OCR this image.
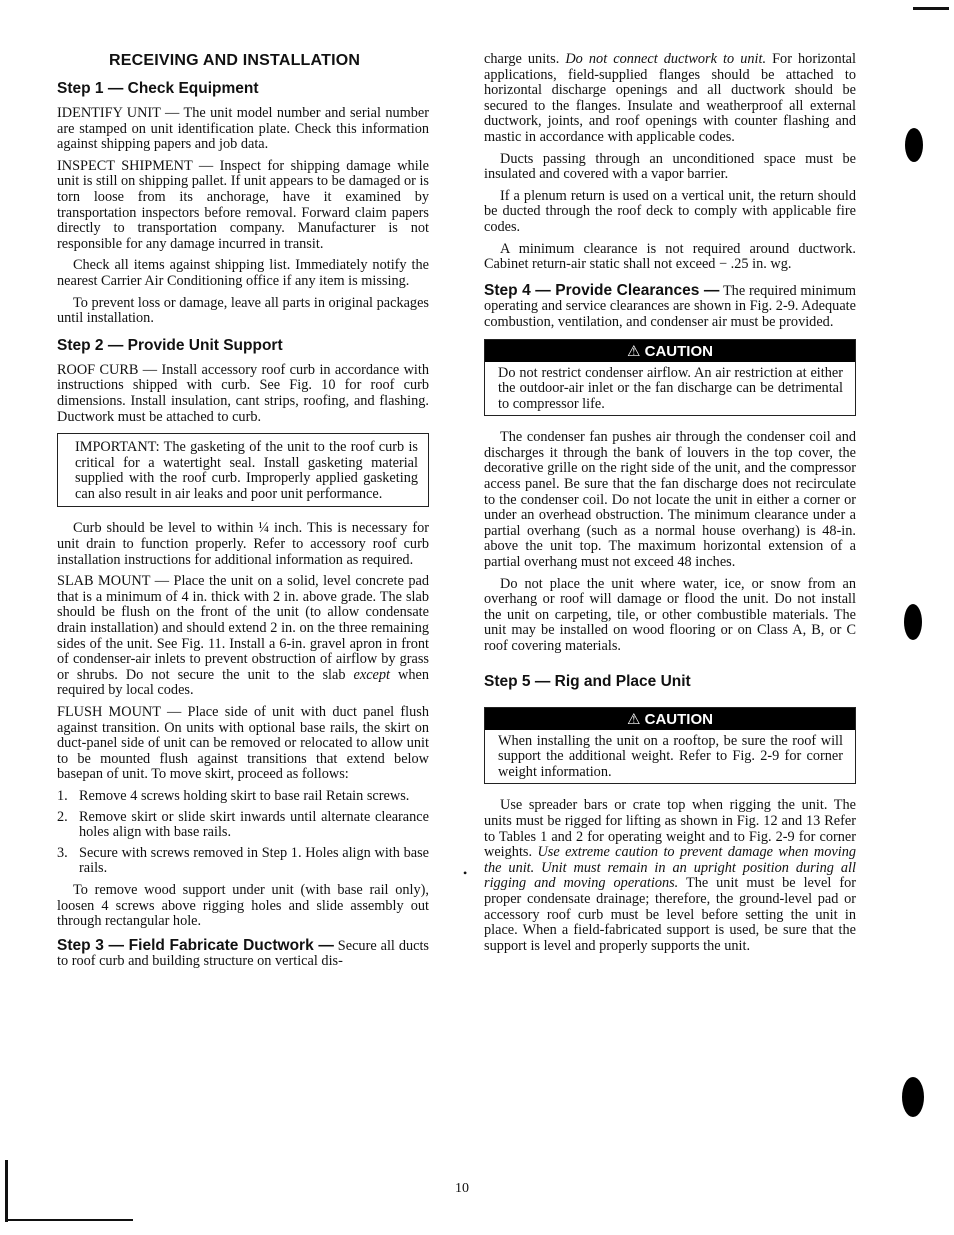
RECEIVING AND INSTALLATION
Step 1 — Check Equipment

IDENTIFY UNIT — The unit model number and serial number are stamped on unit identification plate. Check this information against shipping papers and job data.

INSPECT SHIPMENT — Inspect for shipping damage while unit is still on shipping pallet. If unit appears to be damaged or is torn loose from its anchorage, have it examined by transportation inspectors before removal. Forward claim papers directly to transportation company. Manufacturer is not responsible for any damage incurred in transit.

Check all items against shipping list. Immediately notify the nearest Carrier Air Conditioning office if any item is missing.

To prevent loss or damage, leave all parts in original packages until installation.

Step 2 — Provide Unit Support

ROOF CURB — Install accessory roof curb in accordance with instructions shipped with curb. See Fig. 10 for roof curb dimensions. Install insulation, cant strips, roofing, and flashing. Ductwork must be attached to curb.

IMPORTANT: The gasketing of the unit to the roof curb is critical for a watertight seal. Install gasketing material supplied with the roof curb. Improperly applied gasketing can also result in air leaks and poor unit performance.

Curb should be level to within ¼ inch. This is necessary for unit drain to function properly. Refer to accessory roof curb installation instructions for additional information as required.

SLAB MOUNT — Place the unit on a solid, level concrete pad that is a minimum of 4 in. thick with 2 in. above grade. The slab should be flush on the front of the unit (to allow condensate drain installation) and should extend 2 in. on the three remaining sides of the unit. See Fig. 11. Install a 6-in. gravel apron in front of condenser-air inlets to prevent obstruction of airflow by grass or shrubs. Do not secure the unit to the slab except when required by local codes.

FLUSH MOUNT — Place side of unit with duct panel flush against transition. On units with optional base rails, the skirt on duct-panel side of unit can be removed or relocated to allow unit to be mounted flush against transitions that extend below basepan of unit. To move skirt, proceed as follows:

1. Remove 4 screws holding skirt to base rail Retain screws.
2. Remove skirt or slide skirt inwards until alternate clearance holes align with base rails.
3. Secure with screws removed in Step 1. Holes align with base rails.

To remove wood support under unit (with base rail only), loosen 4 screws above rigging holes and slide assembly out through rectangular hole.

Step 3 — Field Fabricate Ductwork — Secure all ducts to roof curb and building structure on vertical dis-

charge units. Do not connect ductwork to unit. For horizontal applications, field-supplied flanges should be attached to horizontal discharge openings and all ductwork should be secured to the flanges. Insulate and weatherproof all external ductwork, joints, and roof openings with counter flashing and mastic in accordance with applicable codes.

Ducts passing through an unconditioned space must be insulated and covered with a vapor barrier.

If a plenum return is used on a vertical unit, the return should be ducted through the roof deck to comply with applicable fire codes.

A minimum clearance is not required around ductwork. Cabinet return-air static shall not exceed − .25 in. wg.

Step 4 — Provide Clearances — The required minimum operating and service clearances are shown in Fig. 2-9. Adequate combustion, ventilation, and condenser air must be provided.

⚠ CAUTION

Do not restrict condenser airflow. An air restriction at either the outdoor-air inlet or the fan discharge can be detrimental to compressor life.

The condenser fan pushes air through the condenser coil and discharges it through the bank of louvers in the top cover, the decorative grille on the right side of the unit, and the compressor access panel. Be sure that the fan discharge does not recirculate to the condenser coil. Do not locate the unit in either a corner or under an overhead obstruction. The minimum clearance under a partial overhang (such as a normal house overhang) is 48-in. above the unit top. The maximum horizontal extension of a partial overhang must not exceed 48 inches.

Do not place the unit where water, ice, or snow from an overhang or roof will damage or flood the unit. Do not install the unit on carpeting, tile, or other combustible materials. The unit may be installed on wood flooring or on Class A, B, or C roof covering materials.

Step 5 — Rig and Place Unit
⚠ CAUTION

When installing the unit on a rooftop, be sure the roof will support the additional weight. Refer to Fig. 2-9 for corner weight information.

Use spreader bars or crate top when rigging the unit. The units must be rigged for lifting as shown in Fig. 12 and 13 Refer to Tables 1 and 2 for operating weight and to Fig. 2-9 for corner weights. Use extreme caution to prevent damage when moving the unit. Unit must remain in an upright position during all rigging and moving operations. The unit must be level for proper condensate drainage; therefore, the ground-level pad or accessory roof curb must be level before setting the unit in place. When a field-fabricated support is used, be sure that the support is level and properly supports the unit.

•
10
